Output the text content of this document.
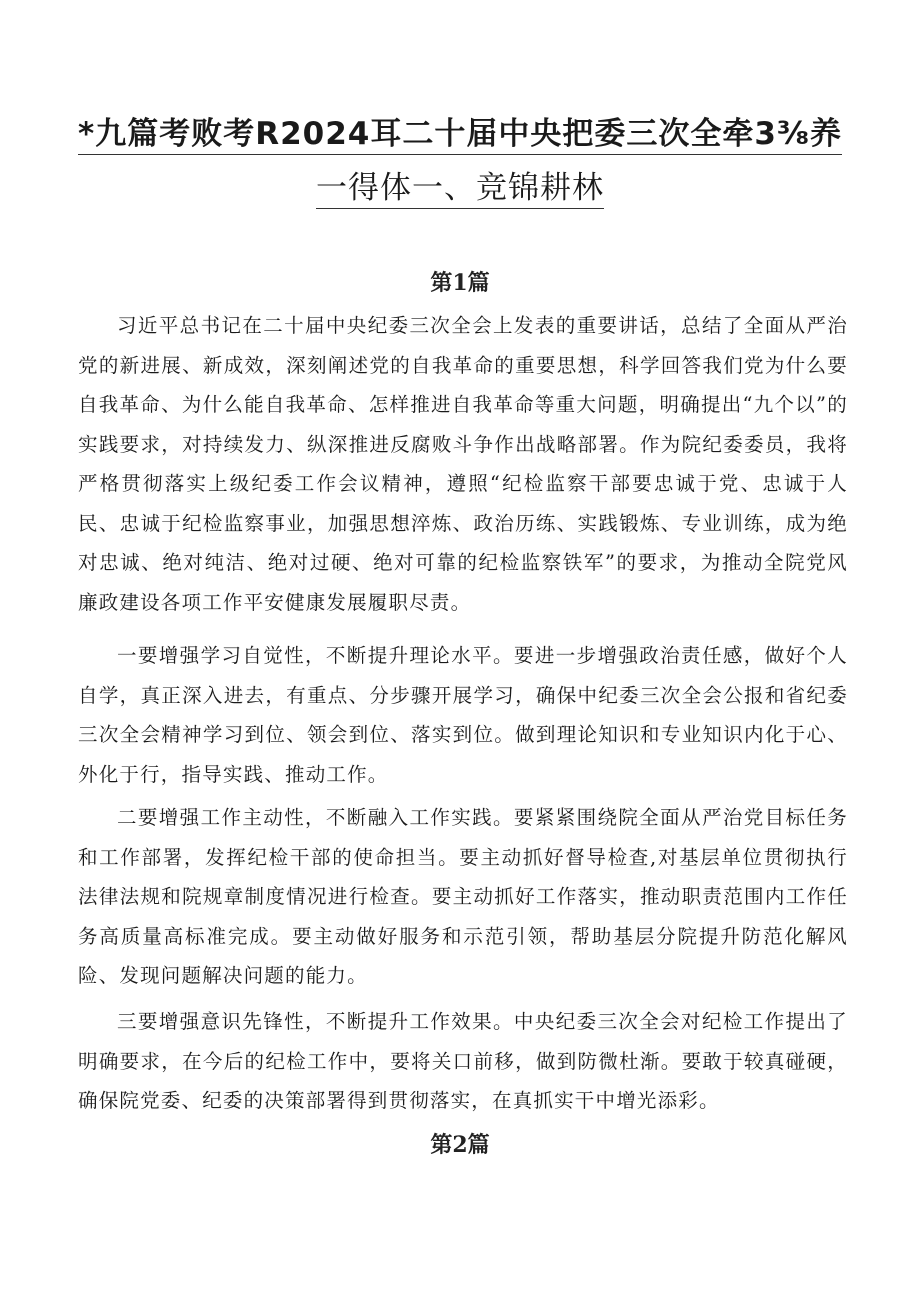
*九篇考败考R2024耳二十届中央把委三次全牵3⅜养
一得体一、竞锦耕林
第1篇

习近平总书记在二十届中央纪委三次全会上发表的重要讲话，总结了全面从严治党的新进展、新成效，深刻阐述党的自我革命的重要思想，科学回答我们党为什么要自我革命、为什么能自我革命、怎样推进自我革命等重大问题，明确提出“九个以”的实践要求，对持续发力、纵深推进反腐败斗争作出战略部署。作为院纪委委员，我将严格贯彻落实上级纪委工作会议精神，遵照“纪检监察干部要忠诚于党、忠诚于人民、忠诚于纪检监察事业，加强思想淬炼、政治历练、实践锻炼、专业训练，成为绝对忠诚、绝对纯洁、绝对过硬、绝对可靠的纪检监察铁军”的要求，为推动全院党风廉政建设各项工作平安健康发展履职尽责。

一要增强学习自觉性，不断提升理论水平。要进一步增强政治责任感，做好个人自学，真正深入进去，有重点、分步骤开展学习，确保中纪委三次全会公报和省纪委三次全会精神学习到位、领会到位、落实到位。做到理论知识和专业知识内化于心、外化于行，指导实践、推动工作。

二要增强工作主动性，不断融入工作实践。要紧紧围绕院全面从严治党目标任务和工作部署，发挥纪检干部的使命担当。要主动抓好督导检查,对基层单位贯彻执行法律法规和院规章制度情况进行检查。要主动抓好工作落实，推动职责范围内工作任务高质量高标准完成。要主动做好服务和示范引领，帮助基层分院提升防范化解风险、发现问题解决问题的能力。

三要增强意识先锋性，不断提升工作效果。中央纪委三次全会对纪检工作提出了明确要求，在今后的纪检工作中，要将关口前移，做到防微杜渐。要敢于较真碰硬，确保院党委、纪委的决策部署得到贯彻落实，在真抓实干中增光添彩。

第2篇
